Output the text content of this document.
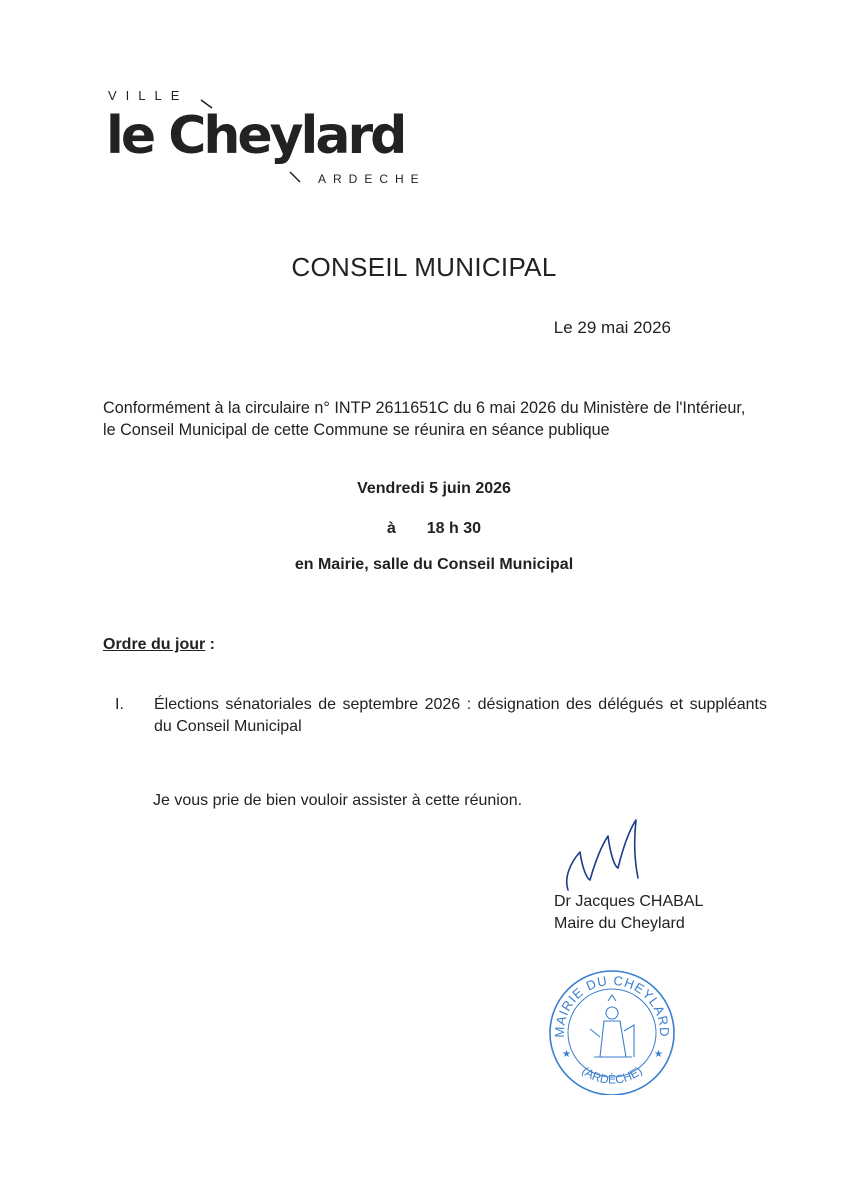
VILLE
le Cheylard
ARDECHE
CONSEIL MUNICIPAL
Le 29 mai 2026

Conformément à la circulaire n° INTP 2611651C du 6 mai 2026 du Ministère de l'Intérieur,

le Conseil Municipal de cette Commune se réunira en séance publique

Vendredi 5 juin 2026
à 18 h 30
en Mairie, salle du Conseil Municipal
Ordre du jour :
I. Élections sénatoriales de septembre 2026 : désignation des délégués et suppléants du Conseil Municipal
Je vous prie de bien vouloir assister à cette réunion.
Dr Jacques CHABAL
Maire du Cheylard
MAIRIE DU CHEYLARD
(ARDÈCHE)
★	★
